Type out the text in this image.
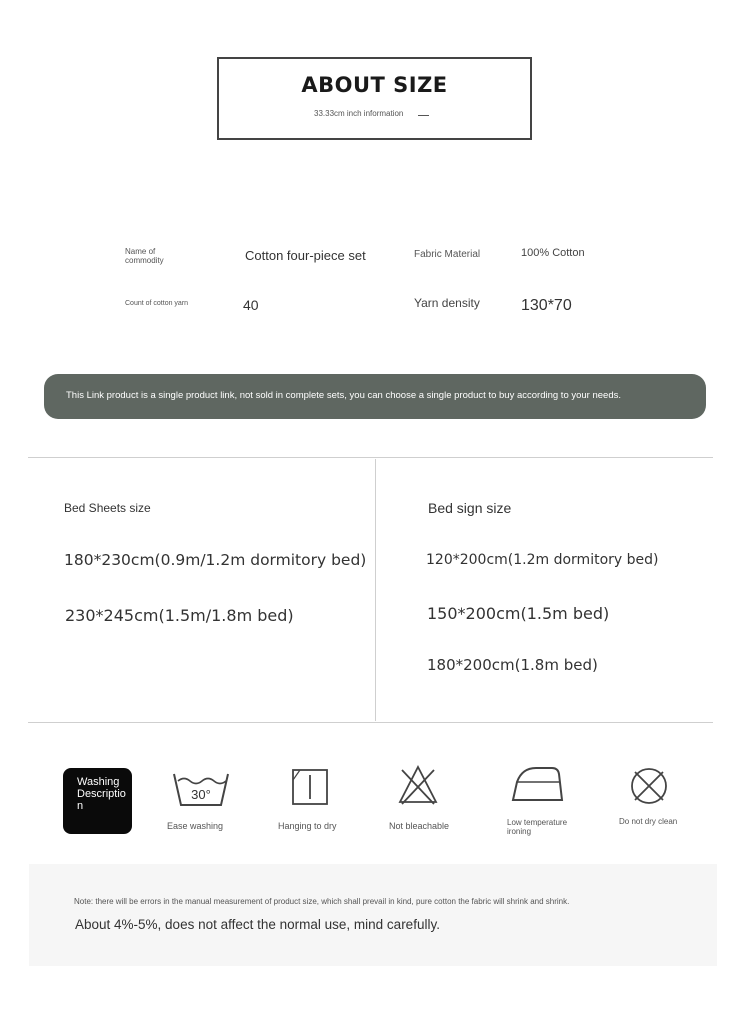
ABOUT SIZE
33.33cm inch information
Name of commodity	Cotton four-piece set	Fabric Material	100% Cotton
Count of cotton yarn	40	Yarn density	130*70
This Link product is a single product link, not sold in complete sets, you can choose a single product to buy according to your needs.
Bed Sheets size
180*230cm(0.9m/1.2m dormitory bed)
230*245cm(1.5m/1.8m bed)
Bed sign size
120*200cm(1.2m dormitory bed)
150*200cm(1.5m bed)
180*200cm(1.8m bed)
Washing Description
30°
Ease washing	Hanging to dry	Not bleachable	Low temperature ironing
Do not dry clean
Note: there will be errors in the manual measurement of product size, which shall prevail in kind, pure cotton the fabric will shrink and shrink.
About 4%-5%, does not affect the normal use, mind carefully.
